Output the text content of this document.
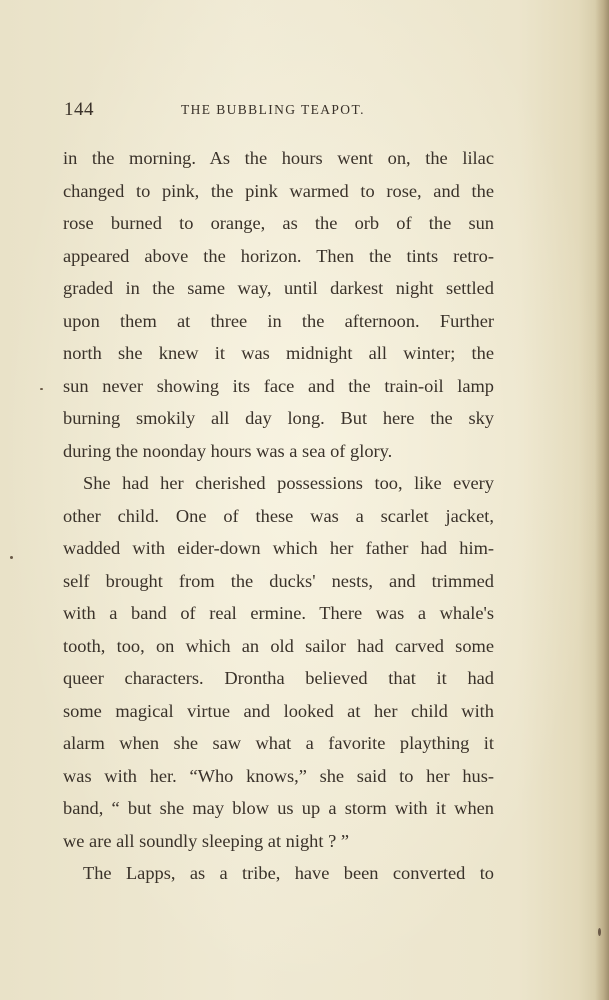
144	THE BUBBLING TEAPOT.
in the morning. As the hours went on, the lilac
changed to pink, the pink warmed to rose, and the
rose burned to orange, as the orb of the sun
appeared above the horizon. Then the tints retro-
graded in the same way, until darkest night settled
upon them at three in the afternoon. Further
north she knew it was midnight all winter; the
sun never showing its face and the train-oil lamp
burning smokily all day long. But here the sky
during the noonday hours was a sea of glory.
She had her cherished possessions too, like every
other child. One of these was a scarlet jacket,
wadded with eider-down which her father had him-
self brought from the ducks' nests, and trimmed
with a band of real ermine. There was a whale's
tooth, too, on which an old sailor had carved some
queer characters. Drontha believed that it had
some magical virtue and looked at her child with
alarm when she saw what a favorite plaything it
was with her. “Who knows,” she said to her hus-
band, “ but she may blow us up a storm with it when
we are all soundly sleeping at night ? ”
The Lapps, as a tribe, have been converted to
